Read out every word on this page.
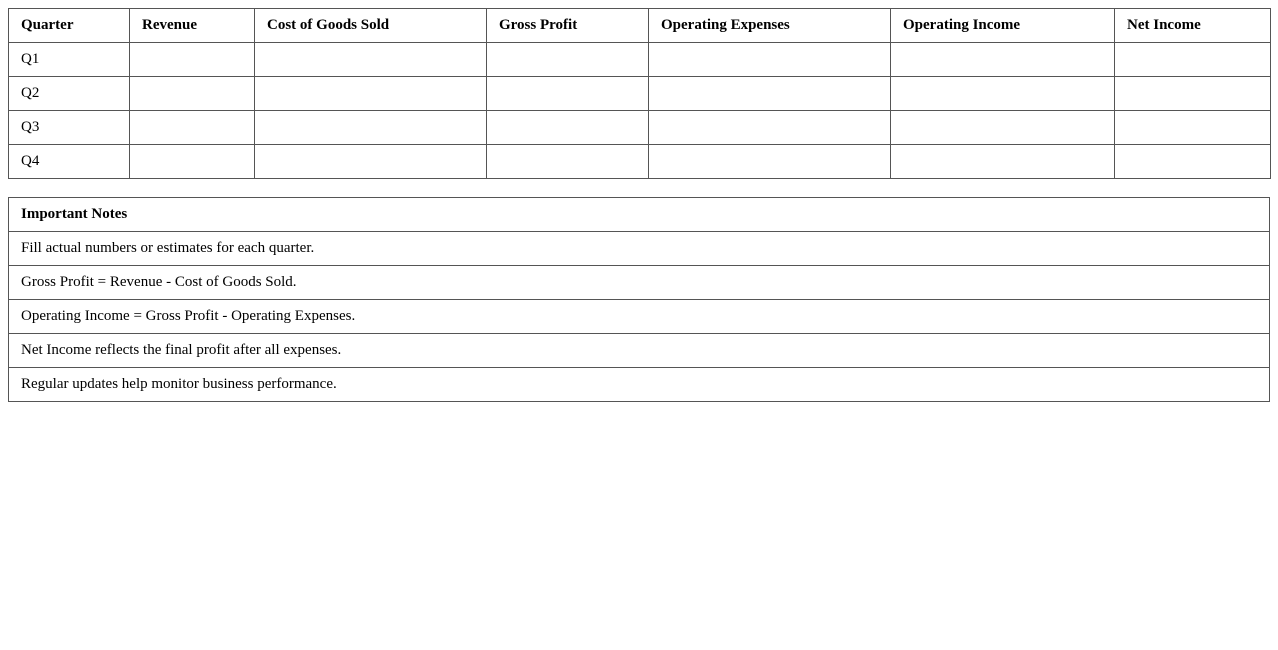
Quarter	Revenue	Cost of Goods Sold	Gross Profit	Operating Expenses	Operating Income	Net Income
Q1						
Q2						
Q3						
Q4						
Important Notes
Fill actual numbers or estimates for each quarter.
Gross Profit = Revenue - Cost of Goods Sold.
Operating Income = Gross Profit - Operating Expenses.
Net Income reflects the final profit after all expenses.
Regular updates help monitor business performance.
